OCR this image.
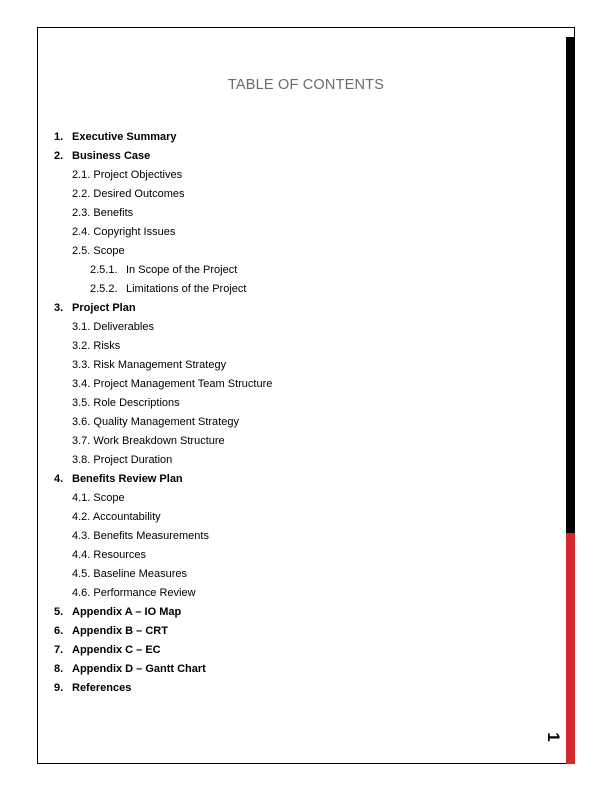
TABLE OF CONTENTS
1. Executive Summary
2. Business Case
2.1. Project Objectives
2.2. Desired Outcomes
2.3. Benefits
2.4. Copyright Issues
2.5. Scope
2.5.1. In Scope of the Project
2.5.2. Limitations of the Project
3. Project Plan
3.1. Deliverables
3.2. Risks
3.3. Risk Management Strategy
3.4. Project Management Team Structure
3.5. Role Descriptions
3.6. Quality Management Strategy
3.7. Work Breakdown Structure
3.8. Project Duration
4. Benefits Review Plan
4.1. Scope
4.2. Accountability
4.3. Benefits Measurements
4.4. Resources
4.5. Baseline Measures
4.6. Performance Review
5. Appendix A – IO Map
6. Appendix B – CRT
7. Appendix C – EC
8. Appendix D – Gantt Chart
9. References
1
